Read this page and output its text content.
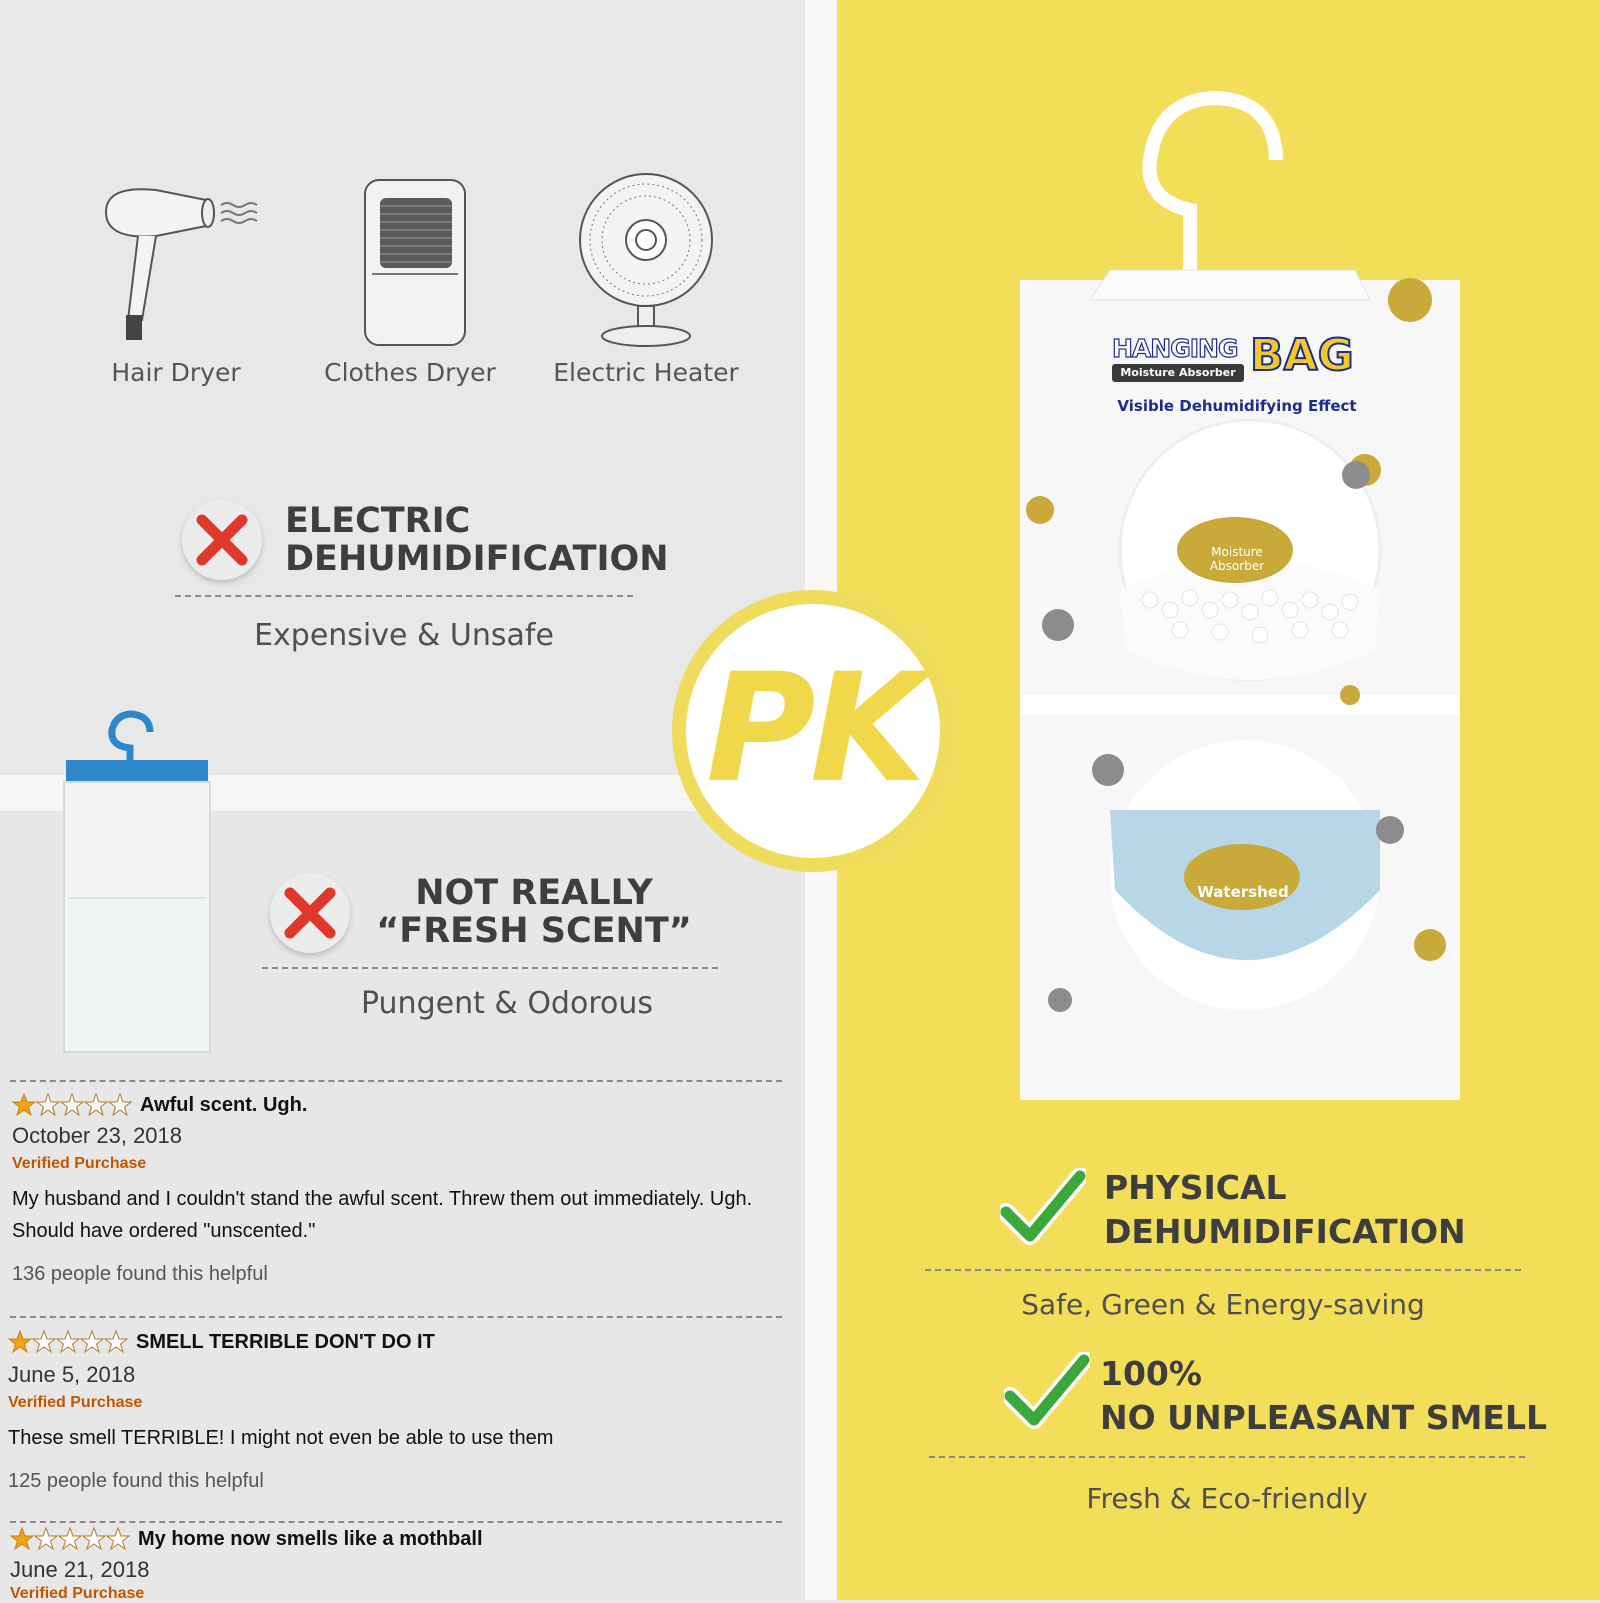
Hair Dryer	Clothes Dryer	Electric Heater
ELECTRIC
DEHUMIDIFICATION
Expensive & Unsafe
NOT REALLY
“FRESH SCENT”
Pungent & Odorous
Awful scent. Ugh.
October 23, 2018
Verified Purchase
My husband and I couldn't stand the awful scent. Threw them out immediately. Ugh.
Should have ordered "unscented."
136 people found this helpful
SMELL TERRIBLE DON'T DO IT
June 5, 2018
Verified Purchase
These smell TERRIBLE! I might not even be able to use them
125 people found this helpful
My home now smells like a mothball
June 21, 2018
Verified Purchase
PK
HANGING
Moisture Absorber BAG
Visible Dehumidifying Effect
Moisture
Absorber
Watershed
PHYSICAL
DEHUMIDIFICATION
Safe, Green & Energy-saving
100%
NO UNPLEASANT SMELL
Fresh & Eco-friendly
